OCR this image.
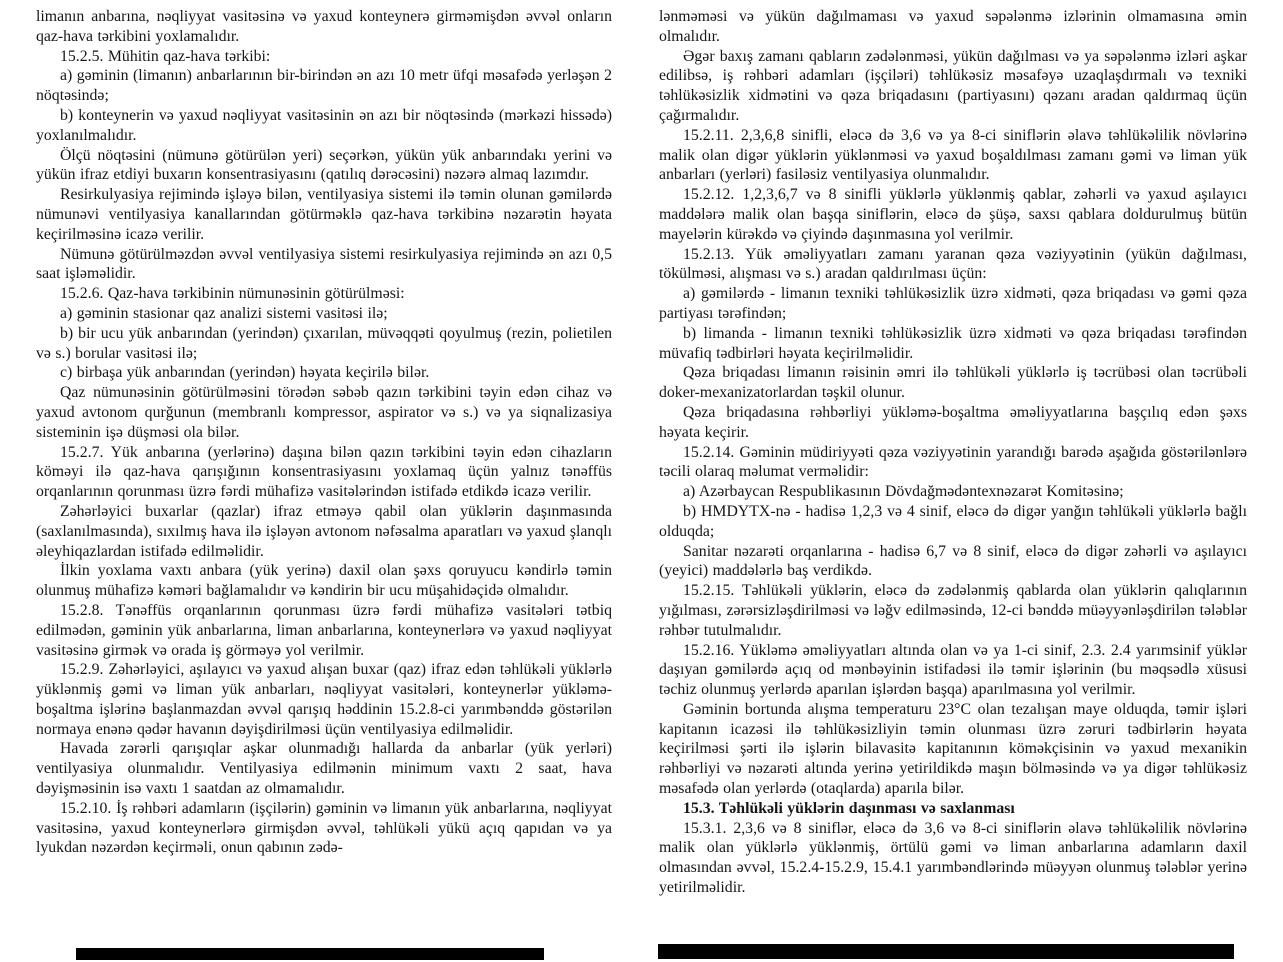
limanın anbarına, nəqliyyat vasitəsinə və yaxud konteynerə girməmişdən əvvəl onların qaz-hava tərkibini yoxlamalıdır.

15.2.5. Mühitin qaz-hava tərkibi:

a) gəminin (limanın) anbarlarının bir-birindən ən azı 10 metr üfqi məsafədə yerləşən 2 nöqtəsində;

b) konteynerin və yaxud nəqliyyat vasitəsinin ən azı bir nöqtəsində (mərkəzi hissədə) yoxlanılmalıdır.

Ölçü nöqtəsini (nümunə götürülən yeri) seçərkən, yükün yük anbarındakı yerini və yükün ifraz etdiyi buxarın konsentrasiyasını (qatılıq dərəcəsini) nəzərə almaq lazımdır.

Resirkulyasiya rejimində işləyə bilən, ventilyasiya sistemi ilə təmin olunan gəmilərdə nümunəvi ventilyasiya kanallarından götürməklə qaz-hava tərkibinə nəzarətin həyata keçirilməsinə icazə verilir.

Nümunə götürülməzdən əvvəl ventilyasiya sistemi resirkulyasiya rejimində ən azı 0,5 saat işləməlidir.

15.2.6. Qaz-hava tərkibinin nümunəsinin götürülməsi:

a) gəminin stasionar qaz analizi sistemi vasitəsi ilə;

b) bir ucu yük anbarından (yerindən) çıxarılan, müvəqqəti qoyulmuş (rezin, polietilen və s.) borular vasitəsi ilə;

c) birbaşa yük anbarından (yerindən) həyata keçirilə bilər.

Qaz nümunəsinin götürülməsini törədən səbəb qazın tərkibini təyin edən cihaz və yaxud avtonom qurğunun (membranlı kompressor, aspirator və s.) və ya siqnalizasiya sisteminin işə düşməsi ola bilər.

15.2.7. Yük anbarına (yerlərinə) daşına bilən qazın tərkibini təyin edən cihazların köməyi ilə qaz-hava qarışığının konsentrasiyasını yoxlamaq üçün yalnız tənəffüs orqanlarının qorunması üzrə fərdi mühafizə vasitələrindən istifadə etdikdə icazə verilir.

Zəhərləyici buxarlar (qazlar) ifraz etməyə qabil olan yüklərin daşınmasında (saxlanılmasında), sıxılmış hava ilə işləyən avtonom nəfəsalma aparatları və yaxud şlanqlı əleyhiqazlardan istifadə edilməlidir.

İlkin yoxlama vaxtı anbara (yük yerinə) daxil olan şəxs qoruyucu kəndirlə təmin olunmuş mühafizə kəməri bağlamalıdır və kəndirin bir ucu müşahidəçidə olmalıdır.

15.2.8. Tənəffüs orqanlarının qorunması üzrə fərdi mühafizə vasitələri tətbiq edilmədən, gəminin yük anbarlarına, liman anbarlarına, konteynerlərə və yaxud nəqliyyat vasitəsinə girmək və orada iş görməyə yol verilmir.

15.2.9. Zəhərləyici, aşılayıcı və yaxud alışan buxar (qaz) ifraz edən təhlükəli yüklərlə yüklənmiş gəmi və liman yük anbarları, nəqliyyat vasitələri, konteynerlər yükləmə-boşaltma işlərinə başlanmazdan əvvəl qarışıq həddinin 15.2.8-ci yarımbənddə göstərilən normaya enənə qədər havanın dəyişdirilməsi üçün ventilyasiya edilməlidir.

Havada zərərli qarışıqlar aşkar olunmadığı hallarda da anbarlar (yük yerləri) ventilyasiya olunmalıdır. Ventilyasiya edilmənin minimum vaxtı 2 saat, hava dəyişməsinin isə vaxtı 1 saatdan az olmamalıdır.

15.2.10. İş rəhbəri adamların (işçilərin) gəminin və limanın yük anbarlarına, nəqliyyat vasitəsinə, yaxud konteynerlərə girmişdən əvvəl, təhlükəli yükü açıq qapıdan və ya lyukdan nəzərdən keçirməli, onun qabının zədə-

lənməməsi və yükün dağılmaması və yaxud səpələnmə izlərinin olmamasına əmin olmalıdır.

Əgər baxış zamanı qabların zədələnməsi, yükün dağılması və ya səpələnmə izləri aşkar edilibsə, iş rəhbəri adamları (işçiləri) təhlükəsiz məsafəyə uzaqlaşdırmalı və texniki təhlükəsizlik xidmətini və qəza briqadasını (partiyasını) qəzanı aradan qaldırmaq üçün çağırmalıdır.

15.2.11. 2,3,6,8 sinifli, eləcə də 3,6 və ya 8-ci siniflərin əlavə təhlükəlilik növlərinə malik olan digər yüklərin yüklənməsi və yaxud boşaldılması zamanı gəmi və liman yük anbarları (yerləri) fasiləsiz ventilyasiya olunmalıdır.

15.2.12. 1,2,3,6,7 və 8 sinifli yüklərlə yüklənmiş qablar, zəhərli və yaxud aşılayıcı maddələrə malik olan başqa siniflərin, eləcə də şüşə, saxsı qablara doldurulmuş bütün mayelərin kürəkdə və çiyində daşınmasına yol verilmir.

15.2.13. Yük əməliyyatları zamanı yaranan qəza vəziyyətinin (yükün dağılması, tökülməsi, alışması və s.) aradan qaldırılması üçün:

a) gəmilərdə - limanın texniki təhlükəsizlik üzrə xidməti, qəza briqadası və gəmi qəza partiyası tərəfindən;

b) limanda - limanın texniki təhlükəsizlik üzrə xidməti və qəza briqadası tərəfindən müvafiq tədbirləri həyata keçirilməlidir.

Qəza briqadası limanın rəisinin əmri ilə təhlükəli yüklərlə iş təcrübəsi olan təcrübəli doker-mexanizatorlardan təşkil olunur.

Qəza briqadasına rəhbərliyi yükləmə-boşaltma əməliyyatlarına başçılıq edən şəxs həyata keçirir.

15.2.14. Gəminin müdiriyyəti qəza vəziyyətinin yarandığı barədə aşağıda göstərilənlərə təcili olaraq məlumat verməlidir:

a) Azərbaycan Respublikasının Dövdağmədəntexnəzarət Komitəsinə;

b) HMDYTX-nə - hadisə 1,2,3 və 4 sinif, eləcə də digər yanğın təhlükəli yüklərlə bağlı olduqda;

Sanitar nəzarəti orqanlarına - hadisə 6,7 və 8 sinif, eləcə də digər zəhərli və aşılayıcı (yeyici) maddələrlə baş verdikdə.

15.2.15. Təhlükəli yüklərin, eləcə də zədələnmiş qablarda olan yüklərin qalıqlarının yığılması, zərərsizləşdirilməsi və ləğv edilməsində, 12-ci bənddə müəyyənləşdirilən tələblər rəhbər tutulmalıdır.

15.2.16. Yükləmə əməliyyatları altında olan və ya 1-ci sinif, 2.3. 2.4 yarımsinif yüklər daşıyan gəmilərdə açıq od mənbəyinin istifadəsi ilə təmir işlərinin (bu məqsədlə xüsusi təchiz olunmuş yerlərdə aparılan işlərdən başqa) aparılmasına yol verilmir.

Gəminin bortunda alışma temperaturu 23°C olan tezalışan maye olduqda, təmir işləri kapitanın icazəsi ilə təhlükəsizliyin təmin olunması üzrə zəruri tədbirlərin həyata keçirilməsi şərti ilə işlərin bilavasitə kapitanının köməkçisinin və yaxud mexanikin rəhbərliyi və nəzarəti altında yerinə yetirildikdə maşın bölməsində və ya digər təhlükəsiz məsafədə olan yerlərdə (otaqlarda) aparıla bilər.

15.3. Təhlükəli yüklərin daşınması və saxlanması

15.3.1. 2,3,6 və 8 siniflər, eləcə də 3,6 və 8-ci siniflərin əlavə təhlükəlilik növlərinə malik olan yüklərlə yüklənmiş, örtülü gəmi və liman anbarlarına adamların daxil olmasından əvvəl, 15.2.4-15.2.9, 15.4.1 yarımbəndlərində müəyyən olunmuş tələblər yerinə yetirilməlidir.
